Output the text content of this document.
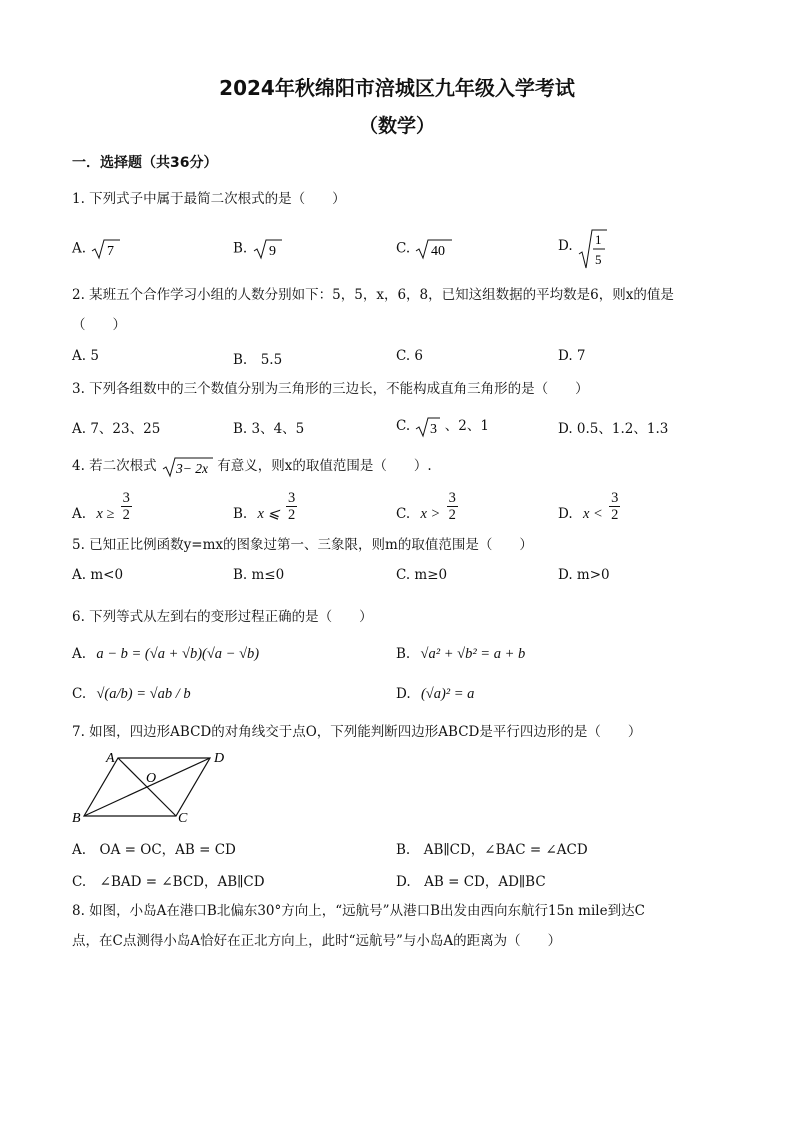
2024年秋绵阳市涪城区九年级入学考试
（数学）
一．选择题（共36分）
1. 下列式子中属于最简二次根式的是（　　）
A. 7	B. 9	C. 40	D. 1
5
2. 某班五个合作学习小组的人数分别如下：5，5，x，6，8，已知这组数据的平均数是6，则x的值是（　　）
A. 5	B.　5.5	C. 6	D. 7
3. 下列各组数中的三个数值分别为三角形的三边长，不能构成直角三角形的是（　　）
A. 7、23、25	B. 3、4、5	C. 3 、2、1	D. 0.5、1.2、1.3
4. 若二次根式 3− 2x 有意义，则x的取值范围是（　　）.
A. $x \ge \frac{3}{2}$	B. x ⩽ $\frac{3}{2}$	C. $x > \frac{3}{2}$	D. $x < \frac{3}{2}$
5. 已知正比例函数y=mx的图象过第一、三象限，则m的取值范围是（　　）
A. m<0	B. m≤0	C. m≥0	D. m>0
6. 下列等式从左到右的变形过程正确的是（　　）
A. a − b = (√a + √b)(√a − √b)	B. √a² + √b² = a + b
C. √(a/b) = √ab / b	D. (√a)² = a
7. 如图，四边形ABCD的对角线交于点O，下列能判断四边形ABCD是平行四边形的是（　　）
A	D
O
B	C
A.　OA = OC，AB = CD	B.　AB∥CD，∠BAC = ∠ACD
C.　∠BAD = ∠BCD，AB∥CD	D.　AB = CD，AD∥BC
8. 如图，小岛A在港口B北偏东30°方向上，“远航号”从港口B出发由西向东航行15n mile到达C
点，在C点测得小岛A恰好在正北方向上，此时“远航号”与小岛A的距离为（　　）
